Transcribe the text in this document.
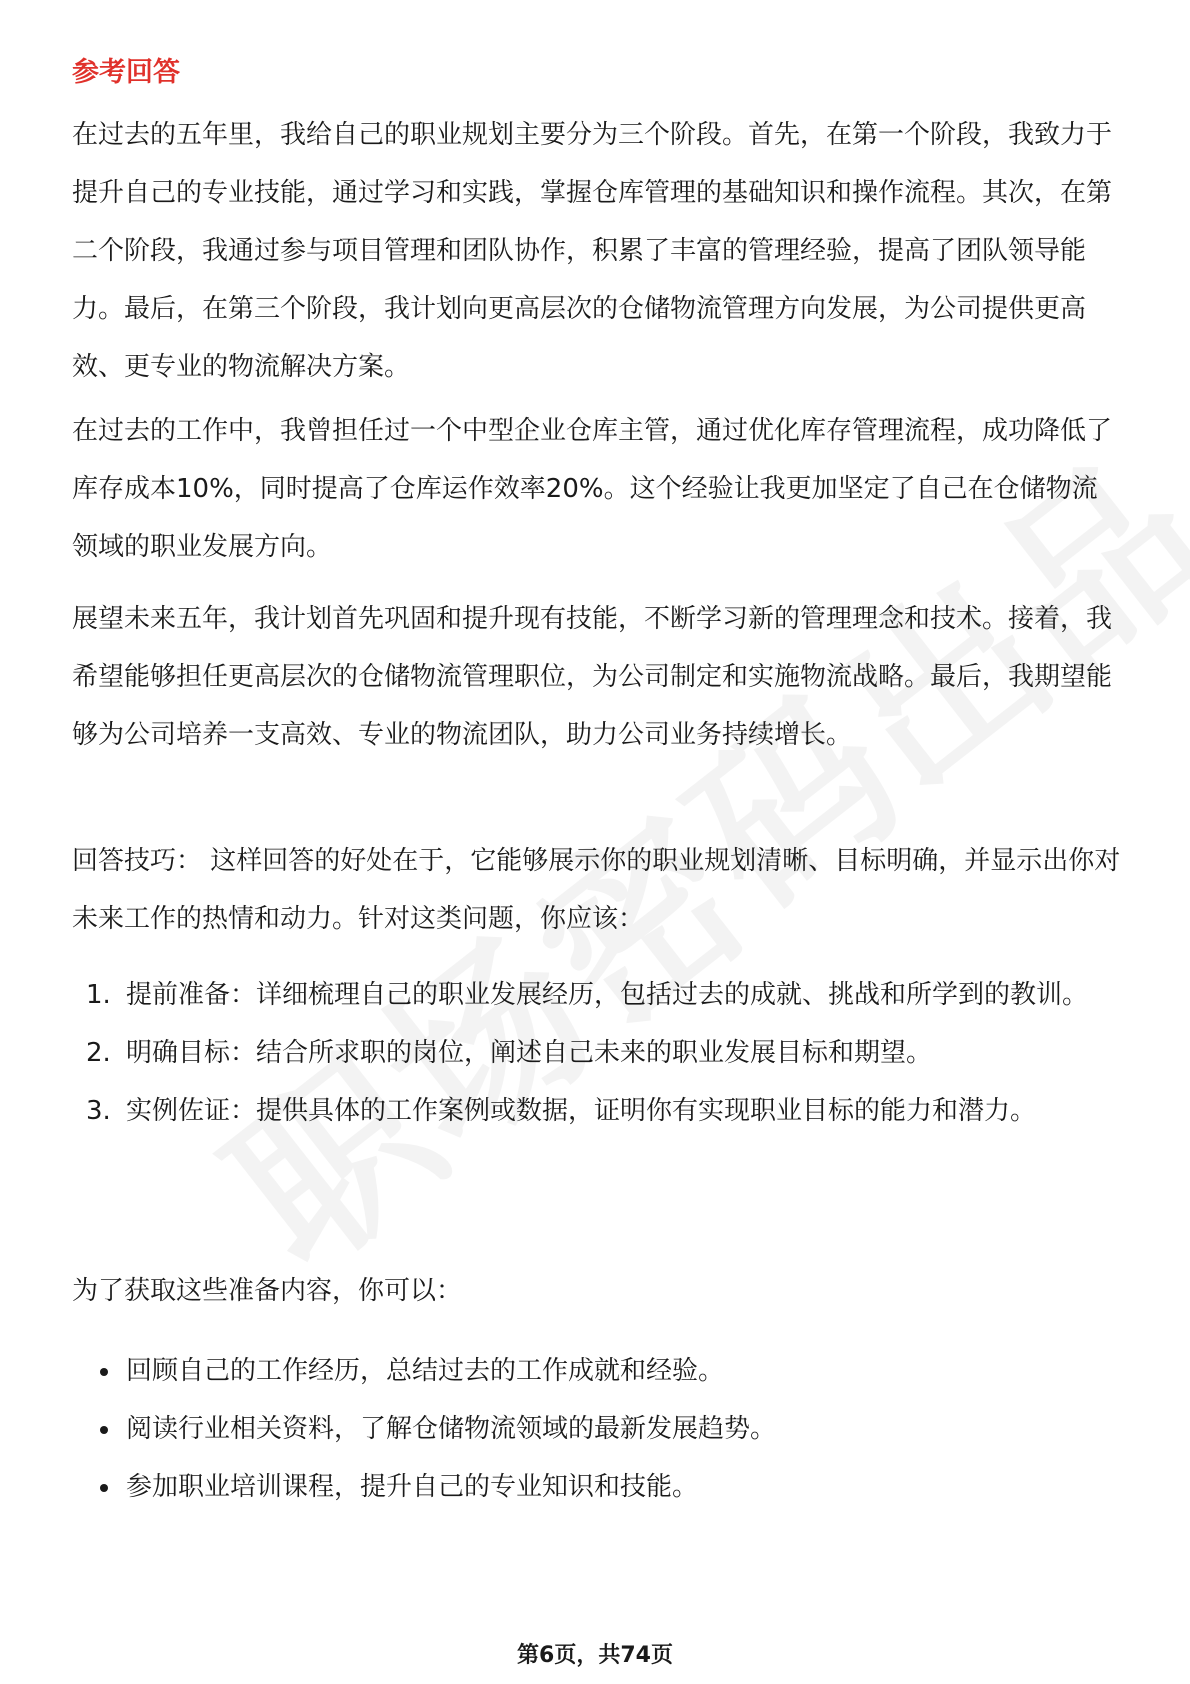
参考回答

在过去的五年里，我给自己的职业规划主要分为三个阶段。首先，在第一个阶段，我致力于提升自己的专业技能，通过学习和实践，掌握仓库管理的基础知识和操作流程。其次，在第二个阶段，我通过参与项目管理和团队协作，积累了丰富的管理经验，提高了团队领导能力。最后，在第三个阶段，我计划向更高层次的仓储物流管理方向发展，为公司提供更高效、更专业的物流解决方案。

在过去的工作中，我曾担任过一个中型企业仓库主管，通过优化库存管理流程，成功降低了库存成本10%，同时提高了仓库运作效率20%。这个经验让我更加坚定了自己在仓储物流领域的职业发展方向。

展望未来五年，我计划首先巩固和提升现有技能，不断学习新的管理理念和技术。接着，我希望能够担任更高层次的仓储物流管理职位，为公司制定和实施物流战略。最后，我期望能够为公司培养一支高效、专业的物流团队，助力公司业务持续增长。

回答技巧： 这样回答的好处在于，它能够展示你的职业规划清晰、目标明确，并显示出你对未来工作的热情和动力。针对这类问题，你应该：

1. 提前准备：详细梳理自己的职业发展经历，包括过去的成就、挑战和所学到的教训。
2. 明确目标：结合所求职的岗位，阐述自己未来的职业发展目标和期望。
3. 实例佐证：提供具体的工作案例或数据，证明你有实现职业目标的能力和潜力。

为了获取这些准备内容，你可以：

回顾自己的工作经历，总结过去的工作成就和经验。
阅读行业相关资料，了解仓储物流领域的最新发展趋势。
参加职业培训课程，提升自己的专业知识和技能。

第6页，共74页
